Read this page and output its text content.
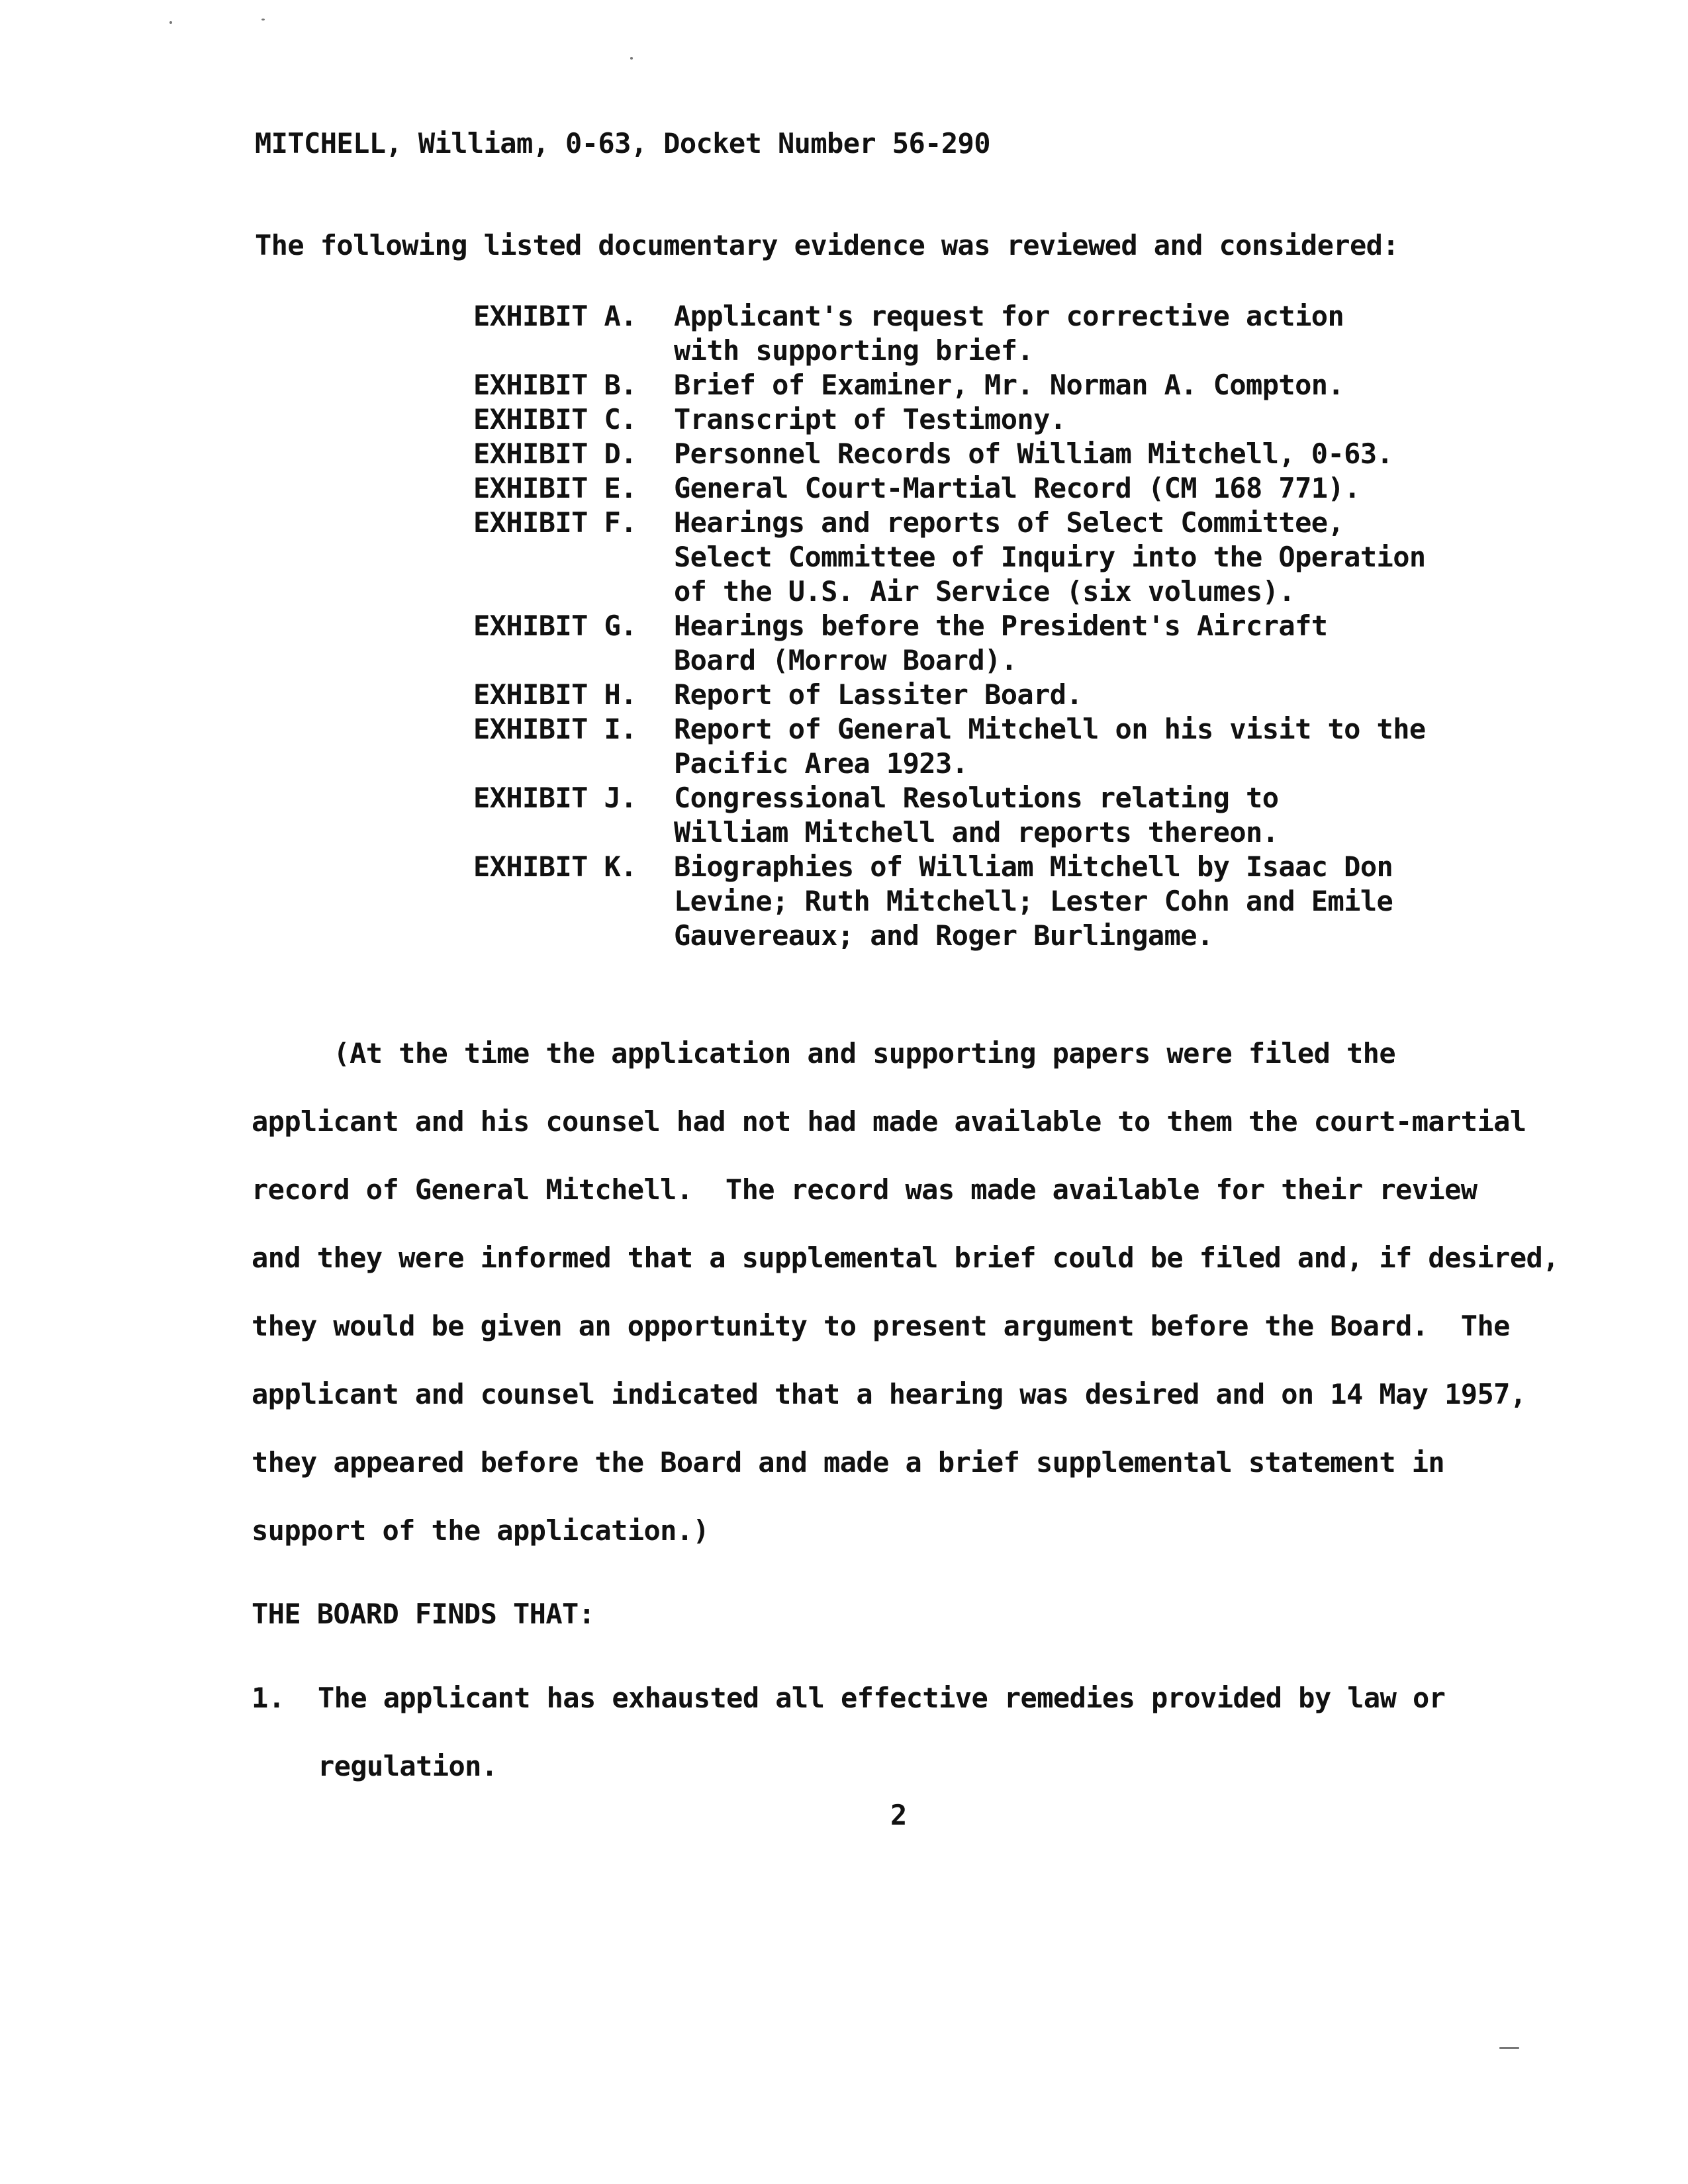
MITCHELL, William, 0-63, Docket Number 56-290
The following listed documentary evidence was reviewed and considered:
EXHIBIT A.	Applicant's request for corrective action
with supporting brief.
EXHIBIT B.	Brief of Examiner, Mr. Norman A. Compton.
EXHIBIT C.	Transcript of Testimony.
EXHIBIT D.	Personnel Records of William Mitchell, 0-63.
EXHIBIT E.	General Court-Martial Record (CM 168 771).
EXHIBIT F.	Hearings and reports of Select Committee,
Select Committee of Inquiry into the Operation
of the U.S. Air Service (six volumes).
EXHIBIT G.	Hearings before the President's Aircraft
Board (Morrow Board).
EXHIBIT H.	Report of Lassiter Board.
EXHIBIT I.	Report of General Mitchell on his visit to the
Pacific Area 1923.
EXHIBIT J.	Congressional Resolutions relating to
William Mitchell and reports thereon.
EXHIBIT K.	Biographies of William Mitchell by Isaac Don
Levine; Ruth Mitchell; Lester Cohn and Emile
Gauvereaux; and Roger Burlingame.
(At the time the application and supporting papers were filed the
applicant and his counsel had not had made available to them the court-martial
record of General Mitchell.  The record was made available for their review
and they were informed that a supplemental brief could be filed and, if desired,
they would be given an opportunity to present argument before the Board.  The
applicant and counsel indicated that a hearing was desired and on 14 May 1957,
they appeared before the Board and made a brief supplemental statement in
support of the application.)
THE BOARD FINDS THAT:
1. The applicant has exhausted all effective remedies provided by law or
regulation.
2
